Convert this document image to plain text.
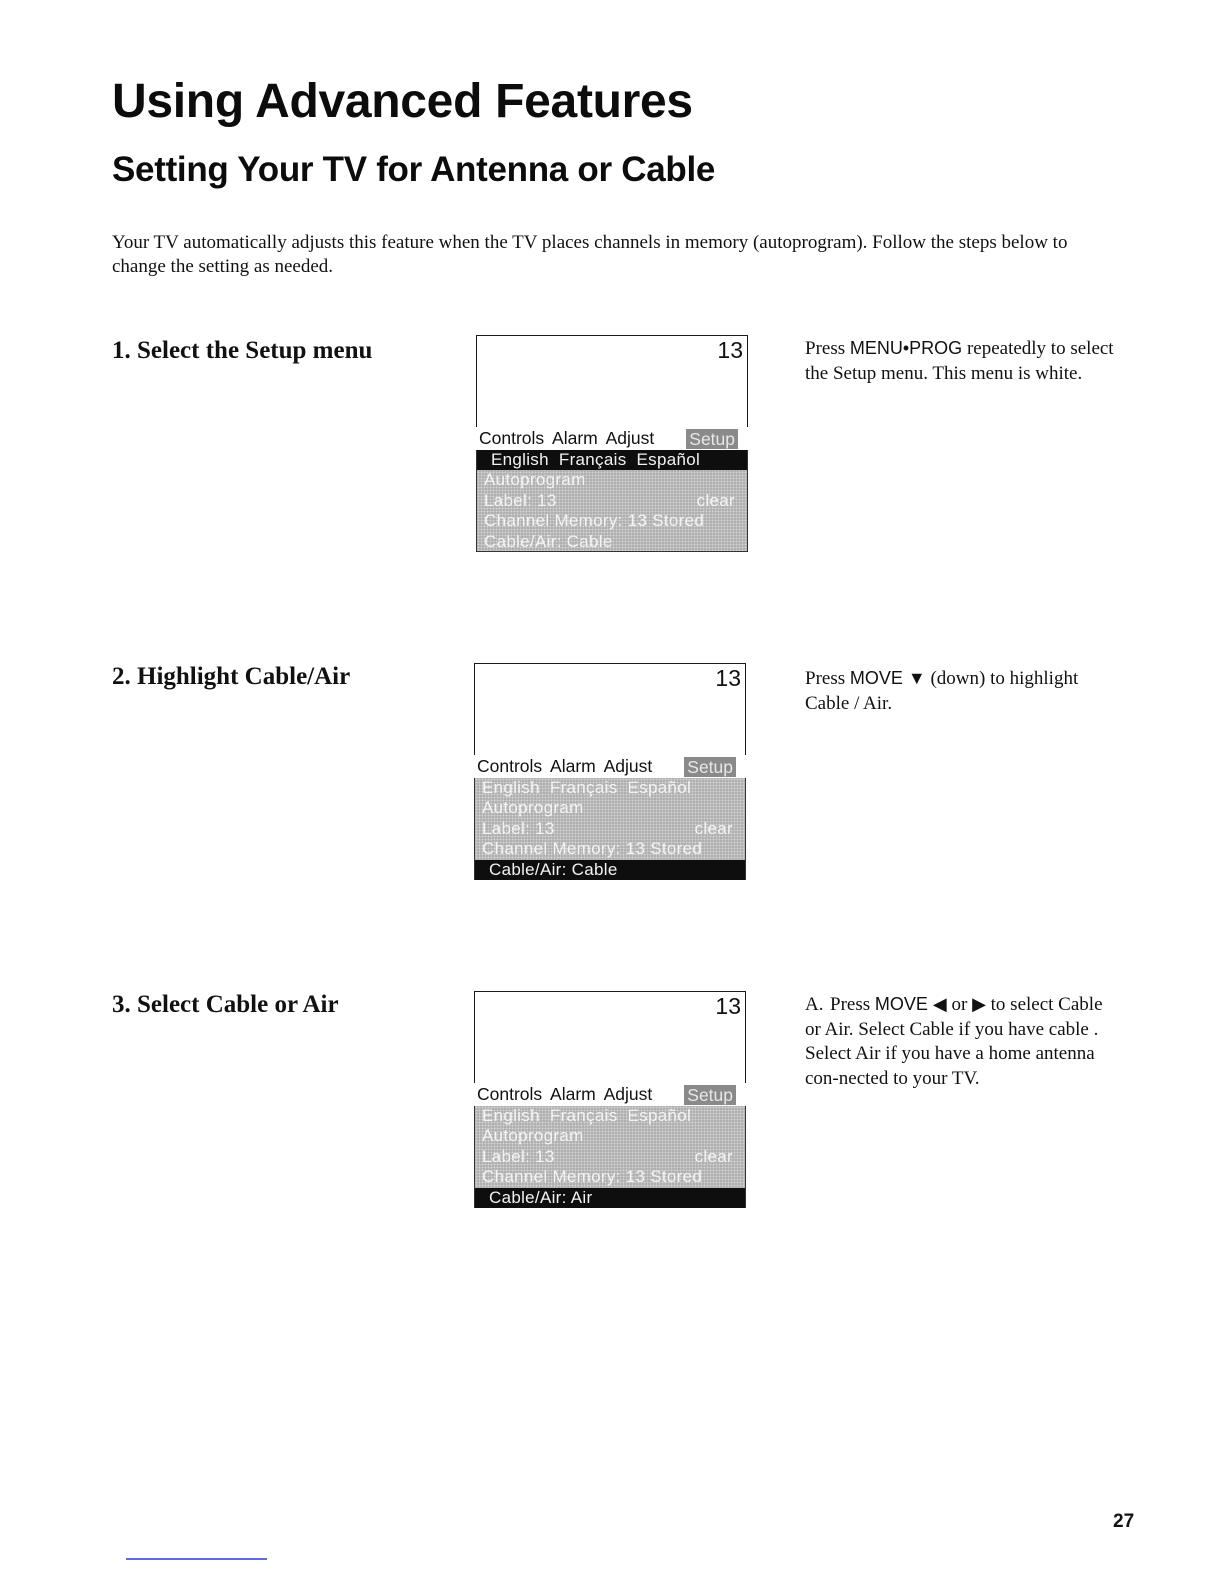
Using Advanced Features
Setting Your TV for Antenna or Cable

Your TV automatically adjusts this feature when the TV places channels in memory (autoprogram). Follow the steps below to change the setting as needed.

1. Select the Setup menu	13
Controls Alarm Adjust Setup
English  Français  Español
Autoprogram
Label: 13	clear
Channel Memory: 13 Stored
Cable/Air: Cable

Press MENU•PROG repeatedly to select the Setup menu. This menu is white.

2. Highlight Cable/Air	13
Controls Alarm Adjust Setup
English  Français  Español
Autoprogram
Label: 13	clear
Channel Memory: 13 Stored
Cable/Air: Cable

Press MOVE ▼ (down) to highlight Cable / Air.

3. Select Cable or Air	13
Controls Alarm Adjust Setup
English  Français  Español
Autoprogram
Label: 13	clear
Channel Memory: 13 Stored
Cable/Air: Air

A. Press MOVE ◀ or ▶ to select Cable or Air. Select Cable if you have cable . Select Air if you have a home antenna con-nected to your TV.

27
